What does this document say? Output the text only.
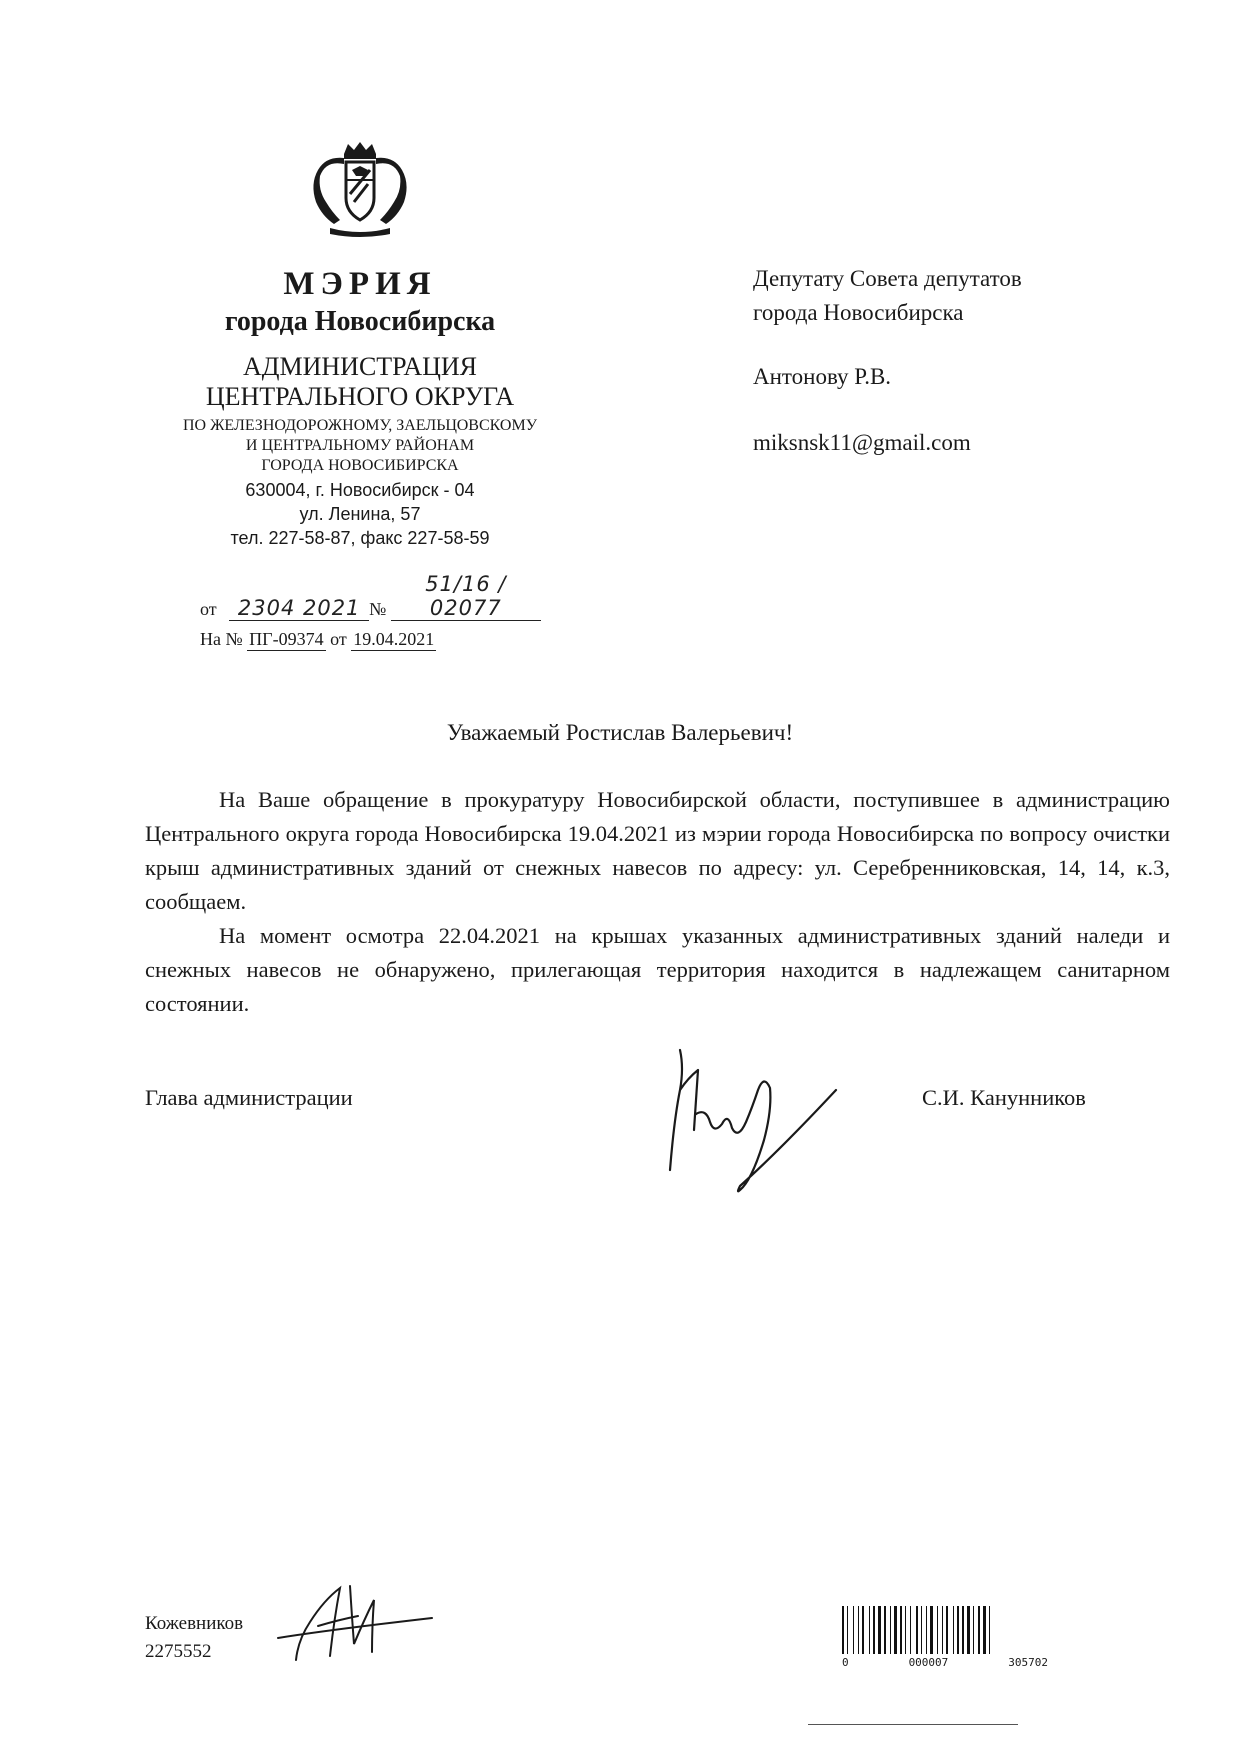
МЭРИЯ
города Новосибирска
АДМИНИСТРАЦИЯ
ЦЕНТРАЛЬНОГО ОКРУГА
ПО ЖЕЛЕЗНОДОРОЖНОМУ, ЗАЕЛЬЦОВСКОМУ
И ЦЕНТРАЛЬНОМУ РАЙОНАМ
ГОРОДА НОВОСИБИРСКА
630004, г. Новосибирск - 04
ул. Ленина, 57
тел. 227-58-87, факс 227-58-59
от 2304 2021 № 51/16 / 02077
На № ПГ-09374 от 19.04.2021
Депутату Совета депутатов
города Новосибирска
Антонову Р.В.
miksnsk11@gmail.com
Уважаемый Ростислав Валерьевич!
На Ваше обращение в прокуратуру Новосибирской области, поступившее в администрацию Центрального округа города Новосибирска 19.04.2021 из мэрии города Новосибирска по вопросу очистки крыш административных зданий от снежных навесов по адресу: ул. Серебренниковская, 14, 14, к.3, сообщаем.
На момент осмотра 22.04.2021 на крышах указанных административных зданий наледи и снежных навесов не обнаружено, прилегающая территория находится в надлежащем санитарном состоянии.
Глава администрации	С.И. Канунников
Кожевников
2275552
0	000007	305702
